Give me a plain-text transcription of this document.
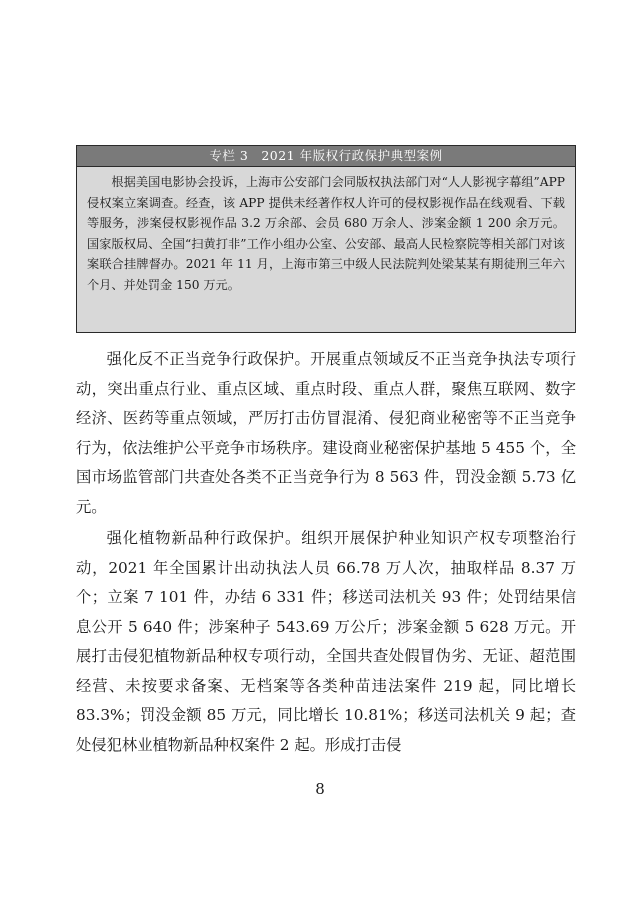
专栏 3　2021 年版权行政保护典型案例
根据美国电影协会投诉，上海市公安部门会同版权执法部门对“人人影视字幕组”APP 侵权案立案调查。经查，该 APP 提供未经著作权人许可的侵权影视作品在线观看、下载等服务，涉案侵权影视作品 3.2 万余部、会员 680 万余人、涉案金额 1 200 余万元。国家版权局、全国“扫黄打非”工作小组办公室、公安部、最高人民检察院等相关部门对该案联合挂牌督办。2021 年 11 月，上海市第三中级人民法院判处梁某某有期徒刑三年六个月、并处罚金 150 万元。

强化反不正当竞争行政保护。开展重点领域反不正当竞争执法专项行动，突出重点行业、重点区域、重点时段、重点人群，聚焦互联网、数字经济、医药等重点领域，严厉打击仿冒混淆、侵犯商业秘密等不正当竞争行为，依法维护公平竞争市场秩序。建设商业秘密保护基地 5 455 个，全国市场监管部门共查处各类不正当竞争行为 8 563 件，罚没金额 5.73 亿元。

强化植物新品种行政保护。组织开展保护种业知识产权专项整治行动，2021 年全国累计出动执法人员 66.78 万人次，抽取样品 8.37 万个；立案 7 101 件，办结 6 331 件；移送司法机关 93 件；处罚结果信息公开 5 640 件；涉案种子 543.69 万公斤；涉案金额 5 628 万元。开展打击侵犯植物新品种权专项行动，全国共查处假冒伪劣、无证、超范围经营、未按要求备案、无档案等各类种苗违法案件 219 起，同比增长 83.3%；罚没金额 85 万元，同比增长 10.81%；移送司法机关 9 起；查处侵犯林业植物新品种权案件 2 起。形成打击侵

8
